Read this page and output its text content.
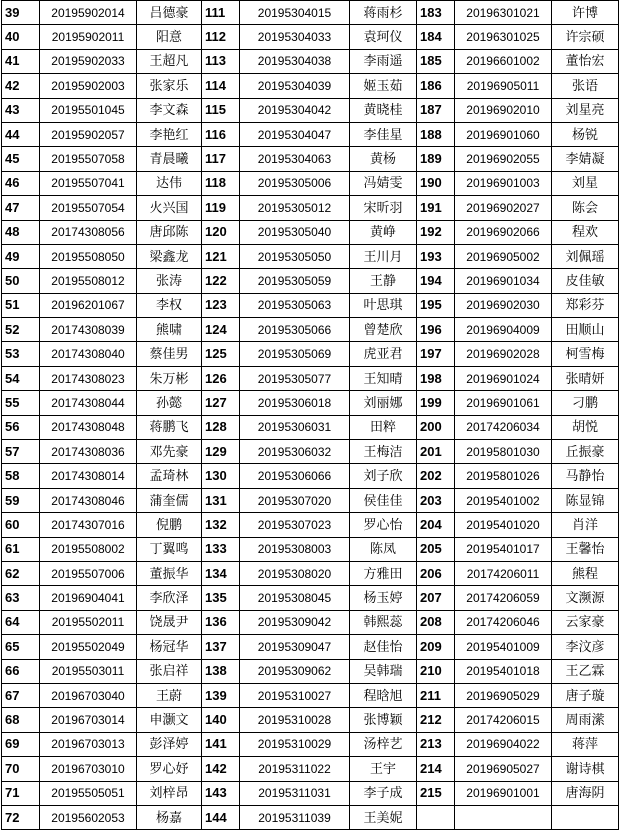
39	20195902014	吕德豪	111	20195304015	蒋雨杉	183	20196301021	许博
40	20195902011	阳意	112	20195304033	袁珂仪	184	20196301025	许宗硕
41	20195902033	王超凡	113	20195304038	李雨遥	185	20196601002	董怡宏
42	20195902003	张家乐	114	20195304039	姬玉茹	186	20196905011	张语
43	20195501045	李文森	115	20195304042	黄晓桂	187	20196902010	刘星亮
44	20195902057	李艳红	116	20195304047	李佳星	188	20196901060	杨锐
45	20195507058	青晨曦	117	20195304063	黄杨	189	20196902055	李婧凝
46	20195507041	达伟	118	20195305006	冯婧雯	190	20196901003	刘星
47	20195507054	火兴国	119	20195305012	宋昕羽	191	20196902027	陈会
48	20174308056	唐邱陈	120	20195305040	黄峥	192	20196902066	程欢
49	20195508050	梁鑫龙	121	20195305050	王川月	193	20196905002	刘佩瑶
50	20195508012	张涛	122	20195305059	王静	194	20196901034	皮佳敏
51	20196201067	李权	123	20195305063	叶思琪	195	20196902030	郑彩芬
52	20174308039	熊啸	124	20195305066	曾楚欣	196	20196904009	田顺山
53	20174308040	蔡佳男	125	20195305069	虎亚君	197	20196902028	柯雪梅
54	20174308023	朱万彬	126	20195305077	王知晴	198	20196901024	张晴妍
55	20174308044	孙懿	127	20195306018	刘丽娜	199	20196901061	刁鹏
56	20174308048	蒋鹏飞	128	20195306031	田粹	200	20174206034	胡悦
57	20174308036	邓先豪	129	20195306032	王梅洁	201	20195801030	丘振豪
58	20174308014	孟琦林	130	20195306066	刘子欣	202	20195801026	马静怡
59	20174308046	蒲奎儒	131	20195307020	侯佳佳	203	20195401002	陈显锦
60	20174307016	倪鹏	132	20195307023	罗心怡	204	20195401020	肖洋
61	20195508002	丁翼鸣	133	20195308003	陈凤	205	20195401017	王馨怡
62	20195507006	董振华	134	20195308020	方雅田	206	20174206011	熊程
63	20196904041	李欣泽	135	20195308045	杨玉婷	207	20174206059	文濒源
64	20195502011	饶晟尹	136	20195309042	韩熙蕊	208	20174206046	云家豪
65	20195502049	杨冠华	137	20195309047	赵佳怡	209	20195401009	李汶彦
66	20195503011	张启祥	138	20195309062	吴韩瑞	210	20195401018	王乙霖
67	20196703040	王蔚	139	20195310027	程晗旭	211	20196905029	唐子璇
68	20196703014	申灏文	140	20195310028	张博颖	212	20174206015	周雨潆
69	20196703013	彭泽婷	141	20195310029	汤梓艺	213	20196904022	蒋萍
70	20196703010	罗心妤	142	20195311022	王宇	214	20196905027	谢诗棋
71	20195505051	刘梓昂	143	20195311031	李子成	215	20196901001	唐海阴
72	20195602053	杨嘉	144	20195311039	王美妮			
